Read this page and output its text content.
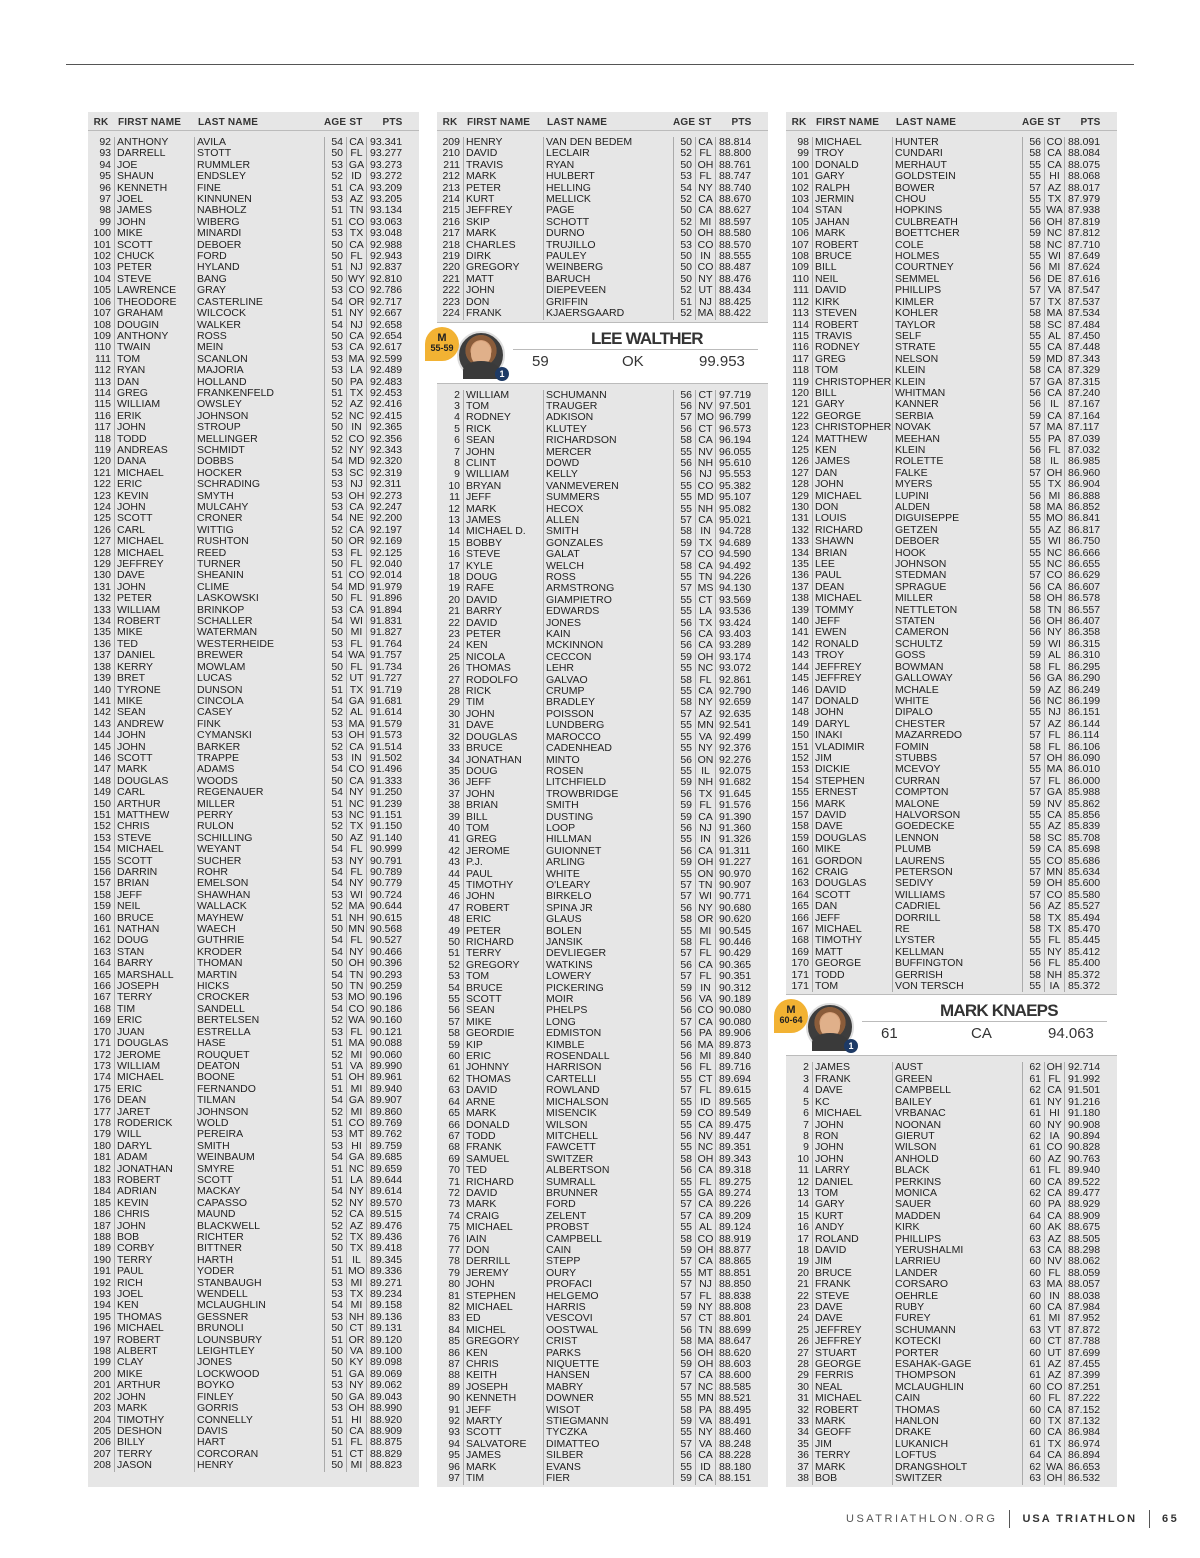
RK FIRST NAME	LAST NAME	AGE ST	PTS
92 ANTHONY	AVILA	54 CA 93.341
93 DARRELL	STOTT	50 FL 93.277
94 JOE	RUMMLER	53 GA 93.273
95 SHAUN	ENDSLEY	52 ID 93.272
96 KENNETH	FINE	51 CA 93.209
97 JOEL	KINNUNEN	53 AZ 93.205
98 JAMES	NABHOLZ	51 TN 93.134
99 JOHN	WIBERG	51 CO 93.063
100 MIKE	MINARDI	53 TX 93.048
101 SCOTT	DEBOER	50 CA 92.988
102 CHUCK	FORD	50 FL 92.943
103 PETER	HYLAND	51 NJ 92.837
104 STEVE	BANG	50 WY 92.810
105 LAWRENCE	GRAY	53 CO 92.786
106 THEODORE	CASTERLINE	54 OR 92.717
107 GRAHAM	WILCOCK	51 NY 92.667
108 DOUGIN	WALKER	54 NJ 92.658
109 ANTHONY	ROSS	50 CA 92.654
110 TWAIN	MEIN	53 CA 92.617
111 TOM	SCANLON	53 MA 92.599
112 RYAN	MAJORIA	53 LA 92.489
113 DAN	HOLLAND	50 PA 92.483
114 GREG	FRANKENFELD	51 TX 92.453
115 WILLIAM	OWSLEY	52 AZ 92.416
116 ERIK	JOHNSON	52 NC 92.415
117 JOHN	STROUP	50 IN 92.365
118 TODD	MELLINGER	52 CO 92.356
119 ANDREAS	SCHMIDT	52 NY 92.343
120 DANA	DOBBS	54 MD 92.320
121 MICHAEL	HOCKER	53 SC 92.319
122 ERIC	SCHRADING	53 NJ 92.311
123 KEVIN	SMYTH	53 OH 92.273
124 JOHN	MULCAHY	53 CA 92.247
125 SCOTT	CRONER	54 NE 92.200
126 CARL	WITTIG	52 CA 92.197
127 MICHAEL	RUSHTON	50 OR 92.169
128 MICHAEL	REED	53 FL 92.125
129 JEFFREY	TURNER	50 FL 92.040
130 DAVE	SHEANIN	51 CO 92.014
131 JOHN	CLIME	54 MD 91.979
132 PETER	LASKOWSKI	50 FL 91.896
133 WILLIAM	BRINKOP	53 CA 91.894
134 ROBERT	SCHALLER	54 WI 91.831
135 MIKE	WATERMAN	50 MI 91.827
136 TED	WESTERHEIDE	53 FL 91.764
137 DANIEL	BREWER	54 WA 91.757
138 KERRY	MOWLAM	50 FL 91.734
139 BRET	LUCAS	52 UT 91.727
140 TYRONE	DUNSON	51 TX 91.719
141 MIKE	CINCOLA	54 GA 91.681
142 SEAN	CASEY	52 AL 91.614
143 ANDREW	FINK	53 MA 91.579
144 JOHN	CYMANSKI	53 OH 91.573
145 JOHN	BARKER	52 CA 91.514
146 SCOTT	TRAPPE	53 IN 91.502
147 MARK	ADAMS	54 CO 91.496
148 DOUGLAS	WOODS	50 CA 91.333
149 CARL	REGENAUER	54 NY 91.250
150 ARTHUR	MILLER	51 NC 91.239
151 MATTHEW	PERRY	53 NC 91.151
152 CHRIS	RULON	52 TX 91.150
153 STEVE	SCHILLING	50 AZ 91.140
154 MICHAEL	WEYANT	54 FL 90.999
155 SCOTT	SUCHER	53 NY 90.791
156 DARRIN	ROHR	54 FL 90.789
157 BRIAN	EMELSON	54 NY 90.779
158 JEFF	SHAWHAN	53 WI 90.724
159 NEIL	WALLACK	52 MA 90.644
160 BRUCE	MAYHEW	51 NH 90.615
161 NATHAN	WAECH	50 MN 90.568
162 DOUG	GUTHRIE	54 FL 90.527
163 STAN	KRODER	54 NY 90.466
164 BARRY	THOMAN	50 OH 90.396
165 MARSHALL	MARTIN	54 TN 90.293
166 JOSEPH	HICKS	50 TN 90.259
167 TERRY	CROCKER	53 MO 90.196
168 TIM	SANDELL	54 CO 90.186
169 ERIC	BERTELSEN	52 WA 90.160
170 JUAN	ESTRELLA	53 FL 90.121
171 DOUGLAS	HASE	51 MA 90.088
172 JEROME	ROUQUET	52 MI 90.060
173 WILLIAM	DEATON	51 VA 89.990
174 MICHAEL	BOONE	51 OH 89.961
175 ERIC	FERNANDO	51 MI 89.940
176 DEAN	TILMAN	54 GA 89.907
177 JARET	JOHNSON	52 MI 89.860
178 RODERICK	WOLD	51 CO 89.769
179 WILL	PEREIRA	53 MT 89.762
180 DARYL	SMITH	53 HI 89.759
181 ADAM	WEINBAUM	54 GA 89.685
182 JONATHAN	SMYRE	51 NC 89.659
183 ROBERT	SCOTT	51 LA 89.644
184 ADRIAN	MACKAY	54 NY 89.614
185 KEVIN	CAPASSO	52 NY 89.570
186 CHRIS	MAUND	52 CA 89.515
187 JOHN	BLACKWELL	52 AZ 89.476
188 BOB	RICHTER	52 TX 89.436
189 CORBY	BITTNER	50 TX 89.418
190 TERRY	HARTH	51 IL 89.345
191 PAUL	YODER	51 MO 89.336
192 RICH	STANBAUGH	53 MI 89.271
193 JOEL	WENDELL	53 TX 89.234
194 KEN	MCLAUGHLIN	54 MI 89.158
195 THOMAS	GESSNER	53 NH 89.136
196 MICHAEL	BRUNOLI	50 CT 89.131
197 ROBERT	LOUNSBURY	51 OR 89.120
198 ALBERT	LEIGHTLEY	50 VA 89.100
199 CLAY	JONES	50 KY 89.098
200 MIKE	LOCKWOOD	51 GA 89.069
201 ARTHUR	BOYKO	53 NY 89.062
202 JOHN	FINLEY	50 GA 89.043
203 MARK	GORRIS	53 OH 88.990
204 TIMOTHY	CONNELLY	51 HI 88.920
205 DESHON	DAVIS	50 CA 88.909
206 BILLY	HART	51 FL 88.875
207 TERRY	CORCORAN	51 CT 88.829
208 JASON	HENRY	50 MI 88.823
RK FIRST NAME	LAST NAME	AGE ST	PTS
209 HENRY	VAN DEN BEDEM	50 CA 88.814
210 DAVID	LECLAIR	52 FL 88.800
211 TRAVIS	RYAN	50 OH 88.761
212 MARK	HULBERT	53 FL 88.747
213 PETER	HELLING	54 NY 88.740
214 KURT	MELLICK	52 CA 88.670
215 JEFFREY	PAGE	50 CA 88.627
216 SKIP	SCHOTT	52 MI 88.597
217 MARK	DURNO	50 OH 88.580
218 CHARLES	TRUJILLO	53 CO 88.570
219 DIRK	PAULEY	50 IN 88.555
220 GREGORY	WEINBERG	50 CO 88.487
221 MATT	BARUCH	50 NY 88.476
222 JOHN	DIEPEVEEN	52 UT 88.434
223 DON	GRIFFIN	51 NJ 88.425
224 FRANK	KJAERSGAARD	52 MA 88.422
M
55-59
1
LEE WALTHER
59	OK	99.953
2 WILLIAM	SCHUMANN	56 CT 97.719
3 TOM	TRAUGER	56 NV 97.501
4 RODNEY	ADKISON	57 MO 96.799
5 RICK	KLUTEY	56 CT 96.573
6 SEAN	RICHARDSON	58 CA 96.194
7 JOHN	MERCER	55 NV 96.055
8 CLINT	DOWD	56 NH 95.610
9 WILLIAM	KELLY	56 NJ 95.553
10 BRYAN	VANMEVEREN	55 CO 95.382
11 JEFF	SUMMERS	55 MD 95.107
12 MARK	HECOX	55 NH 95.082
13 JAMES	ALLEN	57 CA 95.021
14 MICHAEL D.	SMITH	58 IN 94.728
15 BOBBY	GONZALES	59 TX 94.689
16 STEVE	GALAT	57 CO 94.590
17 KYLE	WELCH	58 CA 94.492
18 DOUG	ROSS	55 TN 94.226
19 RAFE	ARMSTRONG	57 MS 94.130
20 DAVID	GIAMPIETRO	55 CT 93.569
21 BARRY	EDWARDS	55 LA 93.536
22 DAVID	JONES	56 TX 93.424
23 PETER	KAIN	56 CA 93.403
24 KEN	MCKINNON	56 CA 93.289
25 NICOLA	CECCON	59 OH 93.174
26 THOMAS	LEHR	55 NC 93.072
27 RODOLFO	GALVAO	58 FL 92.861
28 RICK	CRUMP	55 CA 92.790
29 TIM	BRADLEY	58 NY 92.659
30 JOHN	POISSON	57 AZ 92.635
31 DAVE	LUNDBERG	55 MN 92.541
32 DOUGLAS	MAROCCO	55 VA 92.499
33 BRUCE	CADENHEAD	55 NY 92.376
34 JONATHAN	MINTO	56 ON 92.276
35 DOUG	ROSEN	55 IL 92.075
36 JEFF	LITCHFIELD	59 NH 91.682
37 JOHN	TROWBRIDGE	56 TX 91.645
38 BRIAN	SMITH	59 FL 91.576
39 BILL	DUSTING	59 CA 91.390
40 TOM	LOOP	56 NJ 91.360
41 GREG	HILLMAN	55 IN 91.326
42 JEROME	GUIONNET	56 CA 91.311
43 P.J.	ARLING	59 OH 91.227
44 PAUL	WHITE	55 ON 90.970
45 TIMOTHY	O'LEARY	57 TN 90.907
46 JOHN	BIRKELO	57 WI 90.771
47 ROBERT	SPINA JR	56 NY 90.680
48 ERIC	GLAUS	58 OR 90.620
49 PETER	BOLEN	55 MI 90.545
50 RICHARD	JANSIK	58 FL 90.446
51 TERRY	DEVLIEGER	57 FL 90.429
52 GREGORY	WATKINS	56 CA 90.365
53 TOM	LOWERY	57 FL 90.351
54 BRUCE	PICKERING	59 IN 90.312
55 SCOTT	MOIR	56 VA 90.189
56 SEAN	PHELPS	56 CO 90.080
57 MIKE	LONG	57 CA 90.080
58 GEORDIE	EDMISTON	56 PA 89.906
59 KIP	KIMBLE	56 MA 89.873
60 ERIC	ROSENDALL	56 MI 89.840
61 JOHNNY	HARRISON	56 FL 89.716
62 THOMAS	CARTELLI	55 CT 89.694
63 DAVID	ROWLAND	57 FL 89.615
64 ARNE	MICHALSON	55 ID 89.565
65 MARK	MISENCIK	59 CO 89.549
66 DONALD	WILSON	55 CA 89.475
67 TODD	MITCHELL	56 NV 89.447
68 FRANK	FAWCETT	55 NC 89.351
69 SAMUEL	SWITZER	58 OH 89.343
70 TED	ALBERTSON	56 CA 89.318
71 RICHARD	SUMRALL	55 FL 89.275
72 DAVID	BRUNNER	55 GA 89.274
73 MARK	FORD	57 CA 89.226
74 CRAIG	ZELENT	57 CA 89.209
75 MICHAEL	PROBST	55 AL 89.124
76 IAIN	CAMPBELL	58 CO 88.919
77 DON	CAIN	59 OH 88.877
78 DERRILL	STEPP	57 CA 88.865
79 JEREMY	OURY	55 MT 88.851
80 JOHN	PROFACI	57 NJ 88.850
81 STEPHEN	HELGEMO	57 FL 88.838
82 MICHAEL	HARRIS	59 NY 88.808
83 ED	VESCOVI	57 CT 88.801
84 MICHEL	OOSTWAL	56 TN 88.699
85 GREGORY	CRIST	58 MA 88.647
86 KEN	PARKS	56 OH 88.620
87 CHRIS	NIQUETTE	59 OH 88.603
88 KEITH	HANSEN	57 CA 88.600
89 JOSEPH	MABRY	57 NC 88.585
90 KENNETH	DOWNER	55 MN 88.521
91 JEFF	WISOT	58 PA 88.495
92 MARTY	STIEGMANN	59 VA 88.491
93 SCOTT	TYCZKA	55 NY 88.460
94 SALVATORE	DIMATTEO	57 VA 88.248
95 JAMES	SILBER	56 CA 88.228
96 MARK	EVANS	55 ID 88.180
97 TIM	FIER	59 CA 88.151
RK FIRST NAME	LAST NAME	AGE ST	PTS
98 MICHAEL	HUNTER	56 CO 88.091
99 TROY	CUNDARI	58 CA 88.084
100 DONALD	MERHAUT	55 CA 88.075
101 GARY	GOLDSTEIN	55 HI 88.068
102 RALPH	BOWER	57 AZ 88.017
103 JERMIN	CHOU	55 TX 87.979
104 STAN	HOPKINS	55 WA 87.938
105 JAHAN	CULBREATH	56 OH 87.819
106 MARK	BOETTCHER	59 NC 87.812
107 ROBERT	COLE	58 NC 87.710
108 BRUCE	HOLMES	55 WI 87.649
109 BILL	COURTNEY	56 MI 87.624
110 NEIL	SEMMEL	56 DE 87.616
111 DAVID	PHILLIPS	57 VA 87.547
112 KIRK	KIMLER	57 TX 87.537
113 STEVEN	KOHLER	58 MA 87.534
114 ROBERT	TAYLOR	58 SC 87.484
115 TRAVIS	SELF	55 AL 87.450
116 RODNEY	STRATE	55 CA 87.448
117 GREG	NELSON	59 MD 87.343
118 TOM	KLEIN	58 CA 87.329
119 CHRISTOPHER KLEIN	57 GA 87.315
120 BILL	WHITMAN	56 CA 87.240
121 GARY	KANNER	56 IL 87.167
122 GEORGE	SERBIA	59 CA 87.164
123 CHRISTOPHER NOVAK	57 MA 87.117
124 MATTHEW	MEEHAN	55 PA 87.039
125 KEN	KLEIN	56 FL 87.032
126 JAMES	ROLETTE	58 IL 86.985
127 DAN	FALKE	57 OH 86.960
128 JOHN	MYERS	55 TX 86.904
129 MICHAEL	LUPINI	56 MI 86.888
130 DON	ALDEN	58 MA 86.852
131 LOUIS	DIGUISEPPE	55 MO 86.841
132 RICHARD	GETZEN	55 AZ 86.817
133 SHAWN	DEBOER	55 WI 86.750
134 BRIAN	HOOK	55 NC 86.666
135 LEE	JOHNSON	55 NC 86.655
136 PAUL	STEDMAN	57 CO 86.629
137 DEAN	SPRAGUE	56 CA 86.607
138 MICHAEL	MILLER	58 OH 86.578
139 TOMMY	NETTLETON	58 TN 86.557
140 JEFF	STATEN	56 OH 86.407
141 EWEN	CAMERON	56 NY 86.358
142 RONALD	SCHULTZ	59 WI 86.315
143 TROY	GOSS	59 AL 86.310
144 JEFFREY	BOWMAN	58 FL 86.295
145 JEFFREY	GALLOWAY	56 GA 86.290
146 DAVID	MCHALE	59 AZ 86.249
147 DONALD	WHITE	56 NC 86.199
148 JOHN	DIPALO	55 NJ 86.151
149 DARYL	CHESTER	57 AZ 86.144
150 INAKI	MAZARREDO	57 FL 86.114
151 VLADIMIR	FOMIN	58 FL 86.106
152 JIM	STUBBS	57 OH 86.090
153 DICKIE	MCEVOY	55 MA 86.010
154 STEPHEN	CURRAN	57 FL 86.000
155 ERNEST	COMPTON	57 GA 85.988
156 MARK	MALONE	59 NV 85.862
157 DAVID	HALVORSON	55 CA 85.856
158 DAVE	GOEDECKE	55 AZ 85.839
159 DOUGLAS	LENNON	58 SC 85.708
160 MIKE	PLUMB	59 CA 85.698
161 GORDON	LAURENS	55 CO 85.686
162 CRAIG	PETERSON	57 MN 85.634
163 DOUGLAS	SEDIVY	59 OH 85.600
164 SCOTT	WILLIAMS	57 CO 85.580
165 DAN	CADRIEL	56 AZ 85.527
166 JEFF	DORRILL	58 TX 85.494
167 MICHAEL	RE	58 TX 85.470
168 TIMOTHY	LYSTER	55 FL 85.445
169 MATT	KELLMAN	55 NY 85.412
170 GEORGE	BUFFINGTON	56 FL 85.400
171 TODD	GERRISH	58 NH 85.372
171 TOM	VON TERSCH	55 IA 85.372
M
60-64
1
MARK KNAEPS
61	CA	94.063
2 JAMES	AUST	62 OH 92.714
3 FRANK	GREEN	61 FL 91.992
4 DAVE	CAMPBELL	62 CA 91.501
5 KC	BAILEY	61 NY 91.216
6 MICHAEL	VRBANAC	61 HI 91.180
7 JOHN	NOONAN	60 NY 90.908
8 RON	GIERUT	62 IA 90.894
9 JOHN	WILSON	61 CO 90.828
10 JOHN	ANHOLD	60 AZ 90.763
11 LARRY	BLACK	61 FL 89.940
12 DANIEL	PERKINS	60 CA 89.522
13 TOM	MONICA	62 CA 89.477
14 GARY	SAUER	60 PA 88.929
15 KURT	MADDEN	64 CA 88.909
16 ANDY	KIRK	60 AK 88.675
17 ROLAND	PHILLIPS	63 AZ 88.505
18 DAVID	YERUSHALMI	63 CA 88.298
19 JIM	LARRIEU	60 NV 88.062
20 BRUCE	LANDER	60 FL 88.059
21 FRANK	CORSARO	63 MA 88.057
22 STEVE	OEHRLE	60 IN 88.038
23 DAVE	RUBY	60 CA 87.984
24 DAVE	FUREY	61 MI 87.952
25 JEFFREY	SCHUMANN	63 VT 87.872
26 JEFFREY	KOTECKI	60 CT 87.788
27 STUART	PORTER	60 UT 87.699
28 GEORGE	ESAHAK-GAGE	61 AZ 87.455
29 FERRIS	THOMPSON	61 AZ 87.399
30 NEAL	MCLAUGHLIN	60 CO 87.251
31 MICHAEL	CAIN	60 FL 87.222
32 ROBERT	THOMAS	60 CA 87.152
33 MARK	HANLON	60 TX 87.132
34 GEOFF	DRAKE	60 CA 86.984
35 JIM	LUKANICH	61 TX 86.974
36 TERRY	LOFTUS	64 CA 86.894
37 MARK	DRANGSHOLT	62 WA 86.653
38 BOB	SWITZER	63 OH 86.532
USATRIATHLON.ORG USA TRIATHLON 65
